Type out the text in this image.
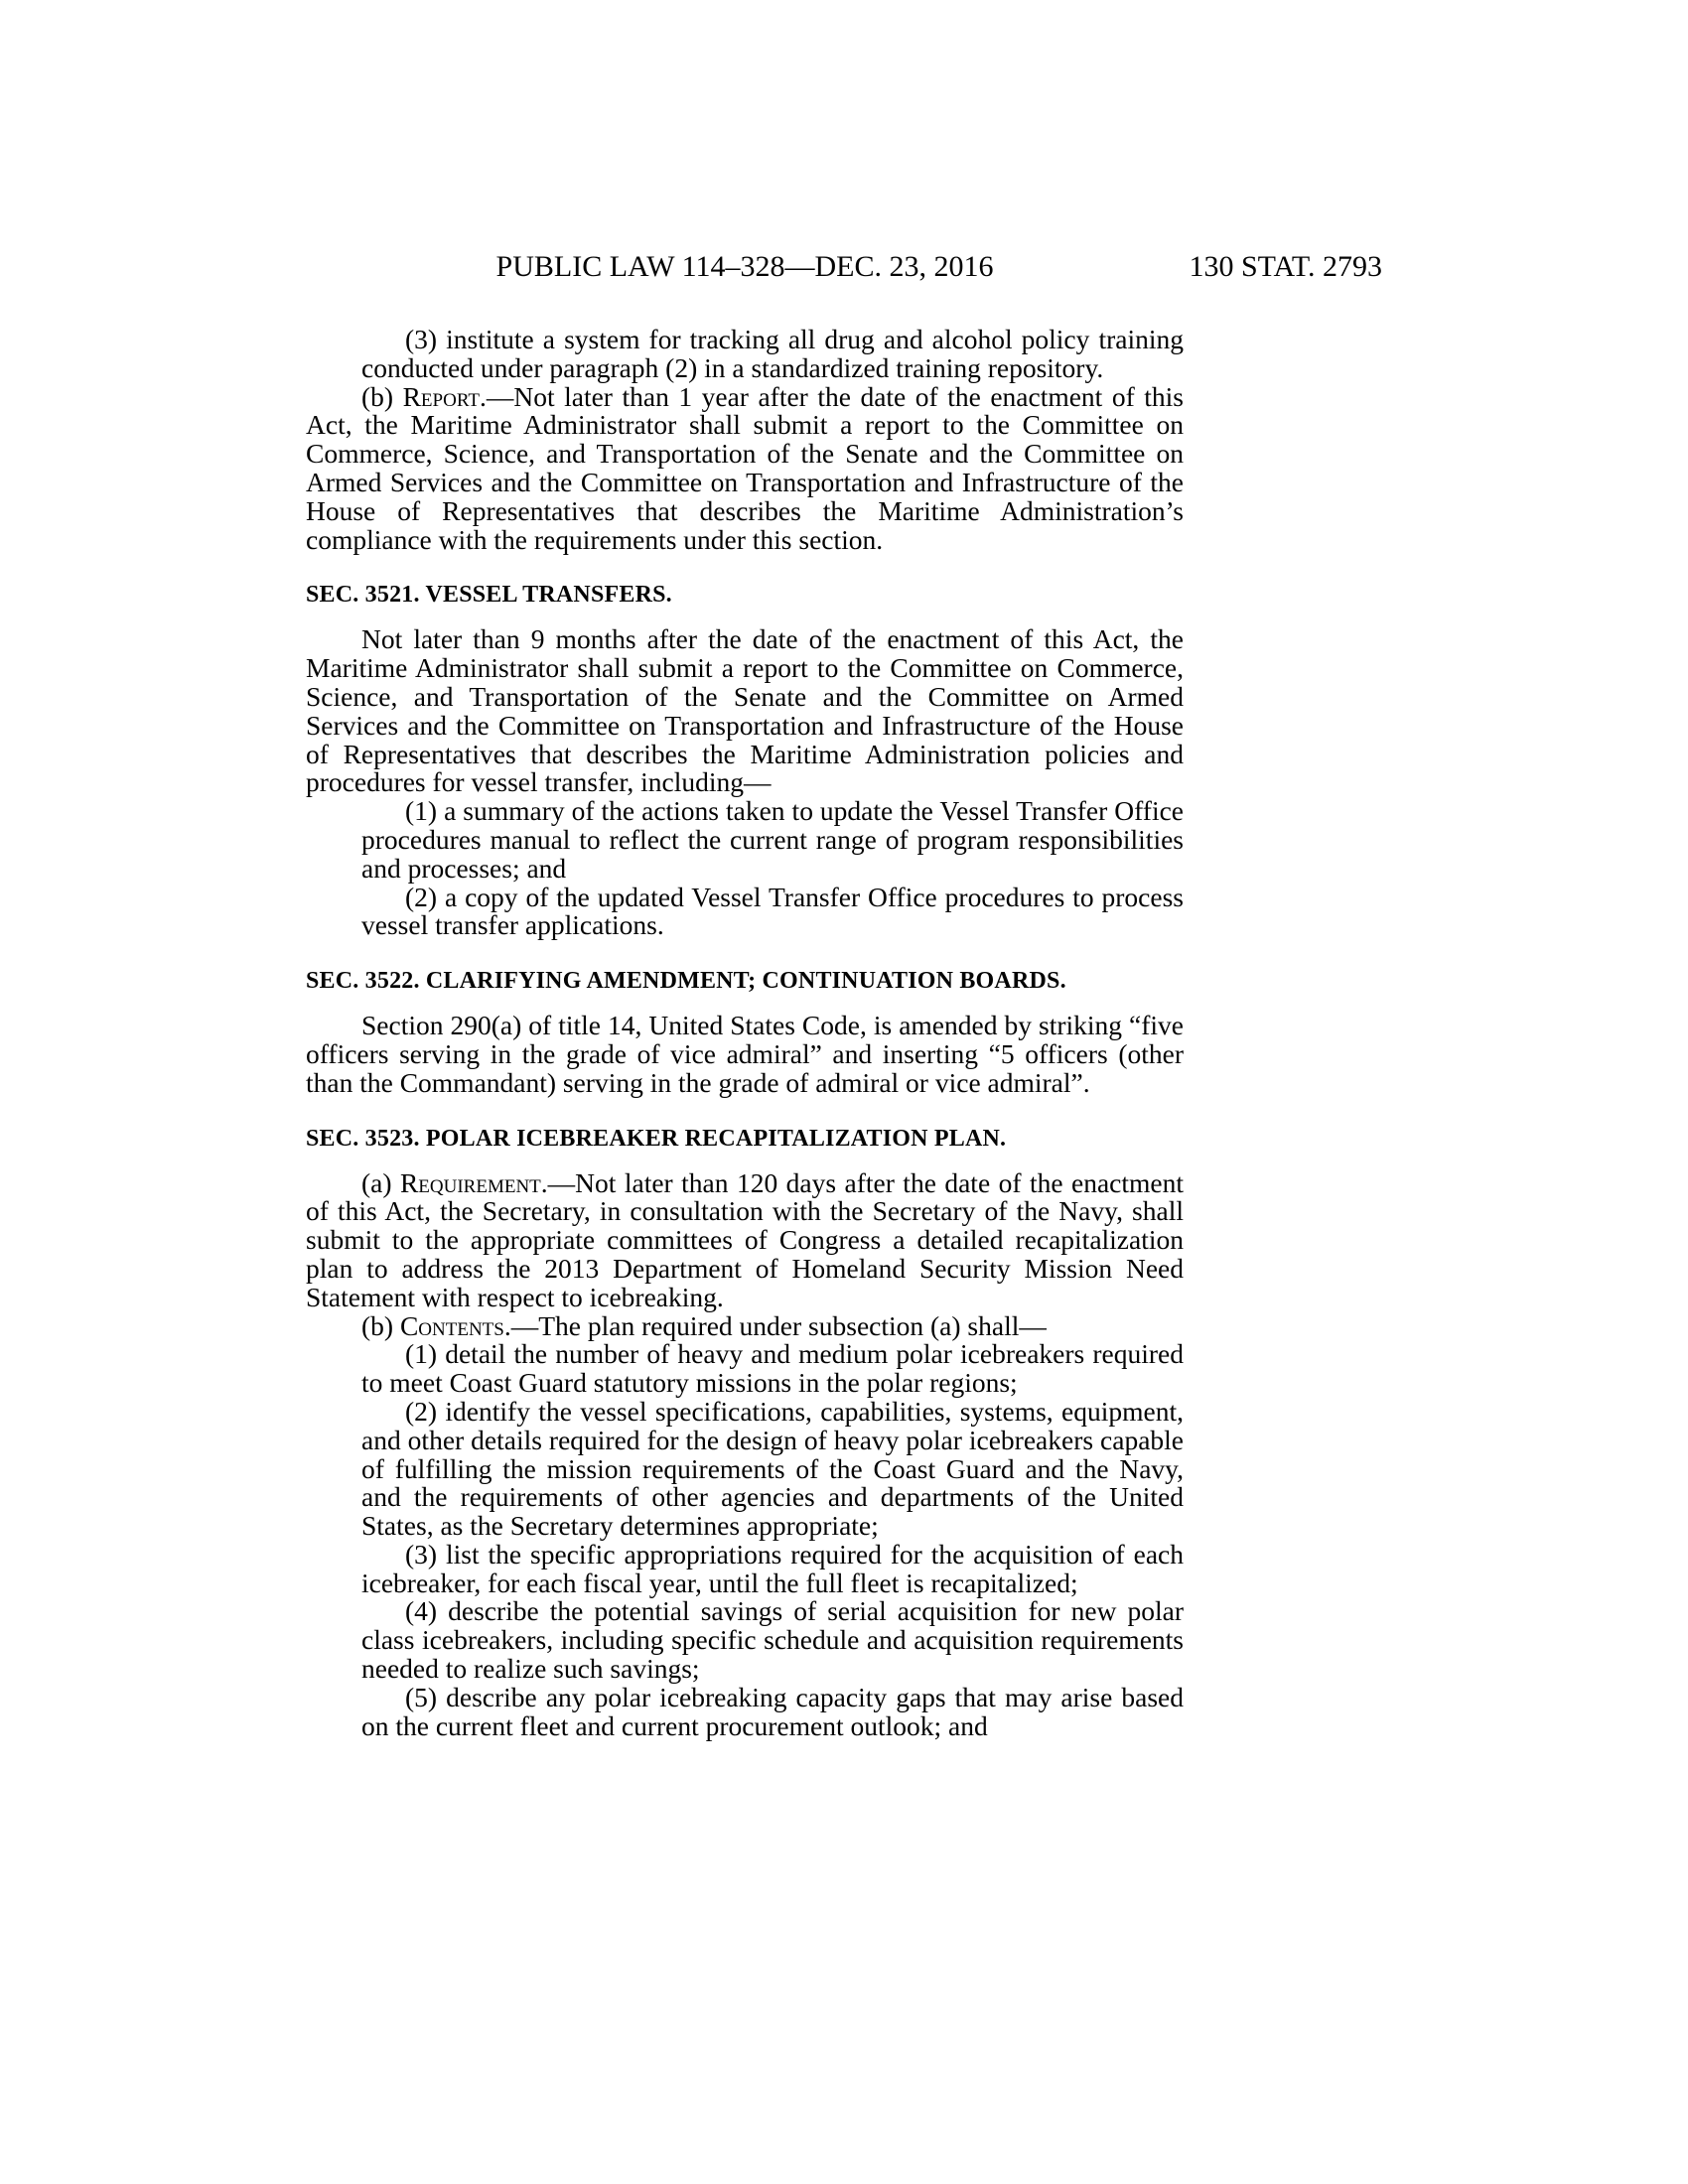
PUBLIC LAW 114–328—DEC. 23, 2016	130 STAT. 2793

(3) institute a system for tracking all drug and alcohol policy training conducted under paragraph (2) in a standardized training repository.

(b) Report.—Not later than 1 year after the date of the enactment of this Act, the Maritime Administrator shall submit a report to the Committee on Commerce, Science, and Transportation of the Senate and the Committee on Armed Services and the Committee on Transportation and Infrastructure of the House of Representatives that describes the Maritime Administration’s compliance with the requirements under this section.

SEC. 3521. VESSEL TRANSFERS.

Not later than 9 months after the date of the enactment of this Act, the Maritime Administrator shall submit a report to the Committee on Commerce, Science, and Transportation of the Senate and the Committee on Armed Services and the Committee on Transportation and Infrastructure of the House of Representatives that describes the Maritime Administration policies and procedures for vessel transfer, including—

(1) a summary of the actions taken to update the Vessel Transfer Office procedures manual to reflect the current range of program responsibilities and processes; and

(2) a copy of the updated Vessel Transfer Office procedures to process vessel transfer applications.

SEC. 3522. CLARIFYING AMENDMENT; CONTINUATION BOARDS.

Section 290(a) of title 14, United States Code, is amended by striking “five officers serving in the grade of vice admiral” and inserting “5 officers (other than the Commandant) serving in the grade of admiral or vice admiral”.

SEC. 3523. POLAR ICEBREAKER RECAPITALIZATION PLAN.

(a) Requirement.—Not later than 120 days after the date of the enactment of this Act, the Secretary, in consultation with the Secretary of the Navy, shall submit to the appropriate committees of Congress a detailed recapitalization plan to address the 2013 Department of Homeland Security Mission Need Statement with respect to icebreaking.

(b) Contents.—The plan required under subsection (a) shall—

(1) detail the number of heavy and medium polar icebreakers required to meet Coast Guard statutory missions in the polar regions;

(2) identify the vessel specifications, capabilities, systems, equipment, and other details required for the design of heavy polar icebreakers capable of fulfilling the mission requirements of the Coast Guard and the Navy, and the requirements of other agencies and departments of the United States, as the Secretary determines appropriate;

(3) list the specific appropriations required for the acquisition of each icebreaker, for each fiscal year, until the full fleet is recapitalized;

(4) describe the potential savings of serial acquisition for new polar class icebreakers, including specific schedule and acquisition requirements needed to realize such savings;

(5) describe any polar icebreaking capacity gaps that may arise based on the current fleet and current procurement outlook; and
